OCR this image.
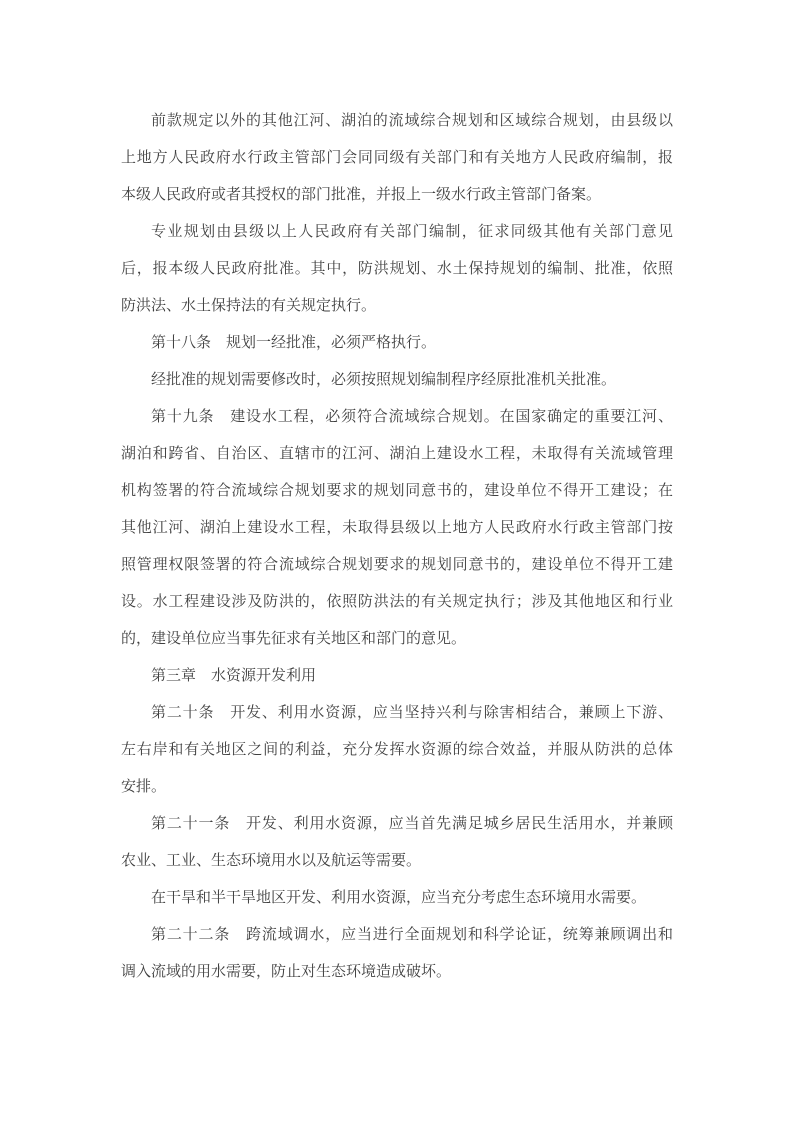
前款规定以外的其他江河、湖泊的流域综合规划和区域综合规划，由县级以
上地方人民政府水行政主管部门会同同级有关部门和有关地方人民政府编制，报
本级人民政府或者其授权的部门批准，并报上一级水行政主管部门备案。
专业规划由县级以上人民政府有关部门编制，征求同级其他有关部门意见
后，报本级人民政府批准。其中，防洪规划、水土保持规划的编制、批准，依照
防洪法、水土保持法的有关规定执行。
第十八条　规划一经批准，必须严格执行。
经批准的规划需要修改时，必须按照规划编制程序经原批准机关批准。
第十九条　建设水工程，必须符合流域综合规划。在国家确定的重要江河、
湖泊和跨省、自治区、直辖市的江河、湖泊上建设水工程，未取得有关流域管理
机构签署的符合流域综合规划要求的规划同意书的，建设单位不得开工建设；在
其他江河、湖泊上建设水工程，未取得县级以上地方人民政府水行政主管部门按
照管理权限签署的符合流域综合规划要求的规划同意书的，建设单位不得开工建
设。水工程建设涉及防洪的，依照防洪法的有关规定执行；涉及其他地区和行业
的，建设单位应当事先征求有关地区和部门的意见。
第三章　水资源开发利用
第二十条　开发、利用水资源，应当坚持兴利与除害相结合，兼顾上下游、
左右岸和有关地区之间的利益，充分发挥水资源的综合效益，并服从防洪的总体
安排。
第二十一条　开发、利用水资源，应当首先满足城乡居民生活用水，并兼顾
农业、工业、生态环境用水以及航运等需要。
在干旱和半干旱地区开发、利用水资源，应当充分考虑生态环境用水需要。
第二十二条　跨流域调水，应当进行全面规划和科学论证，统筹兼顾调出和
调入流域的用水需要，防止对生态环境造成破坏。
